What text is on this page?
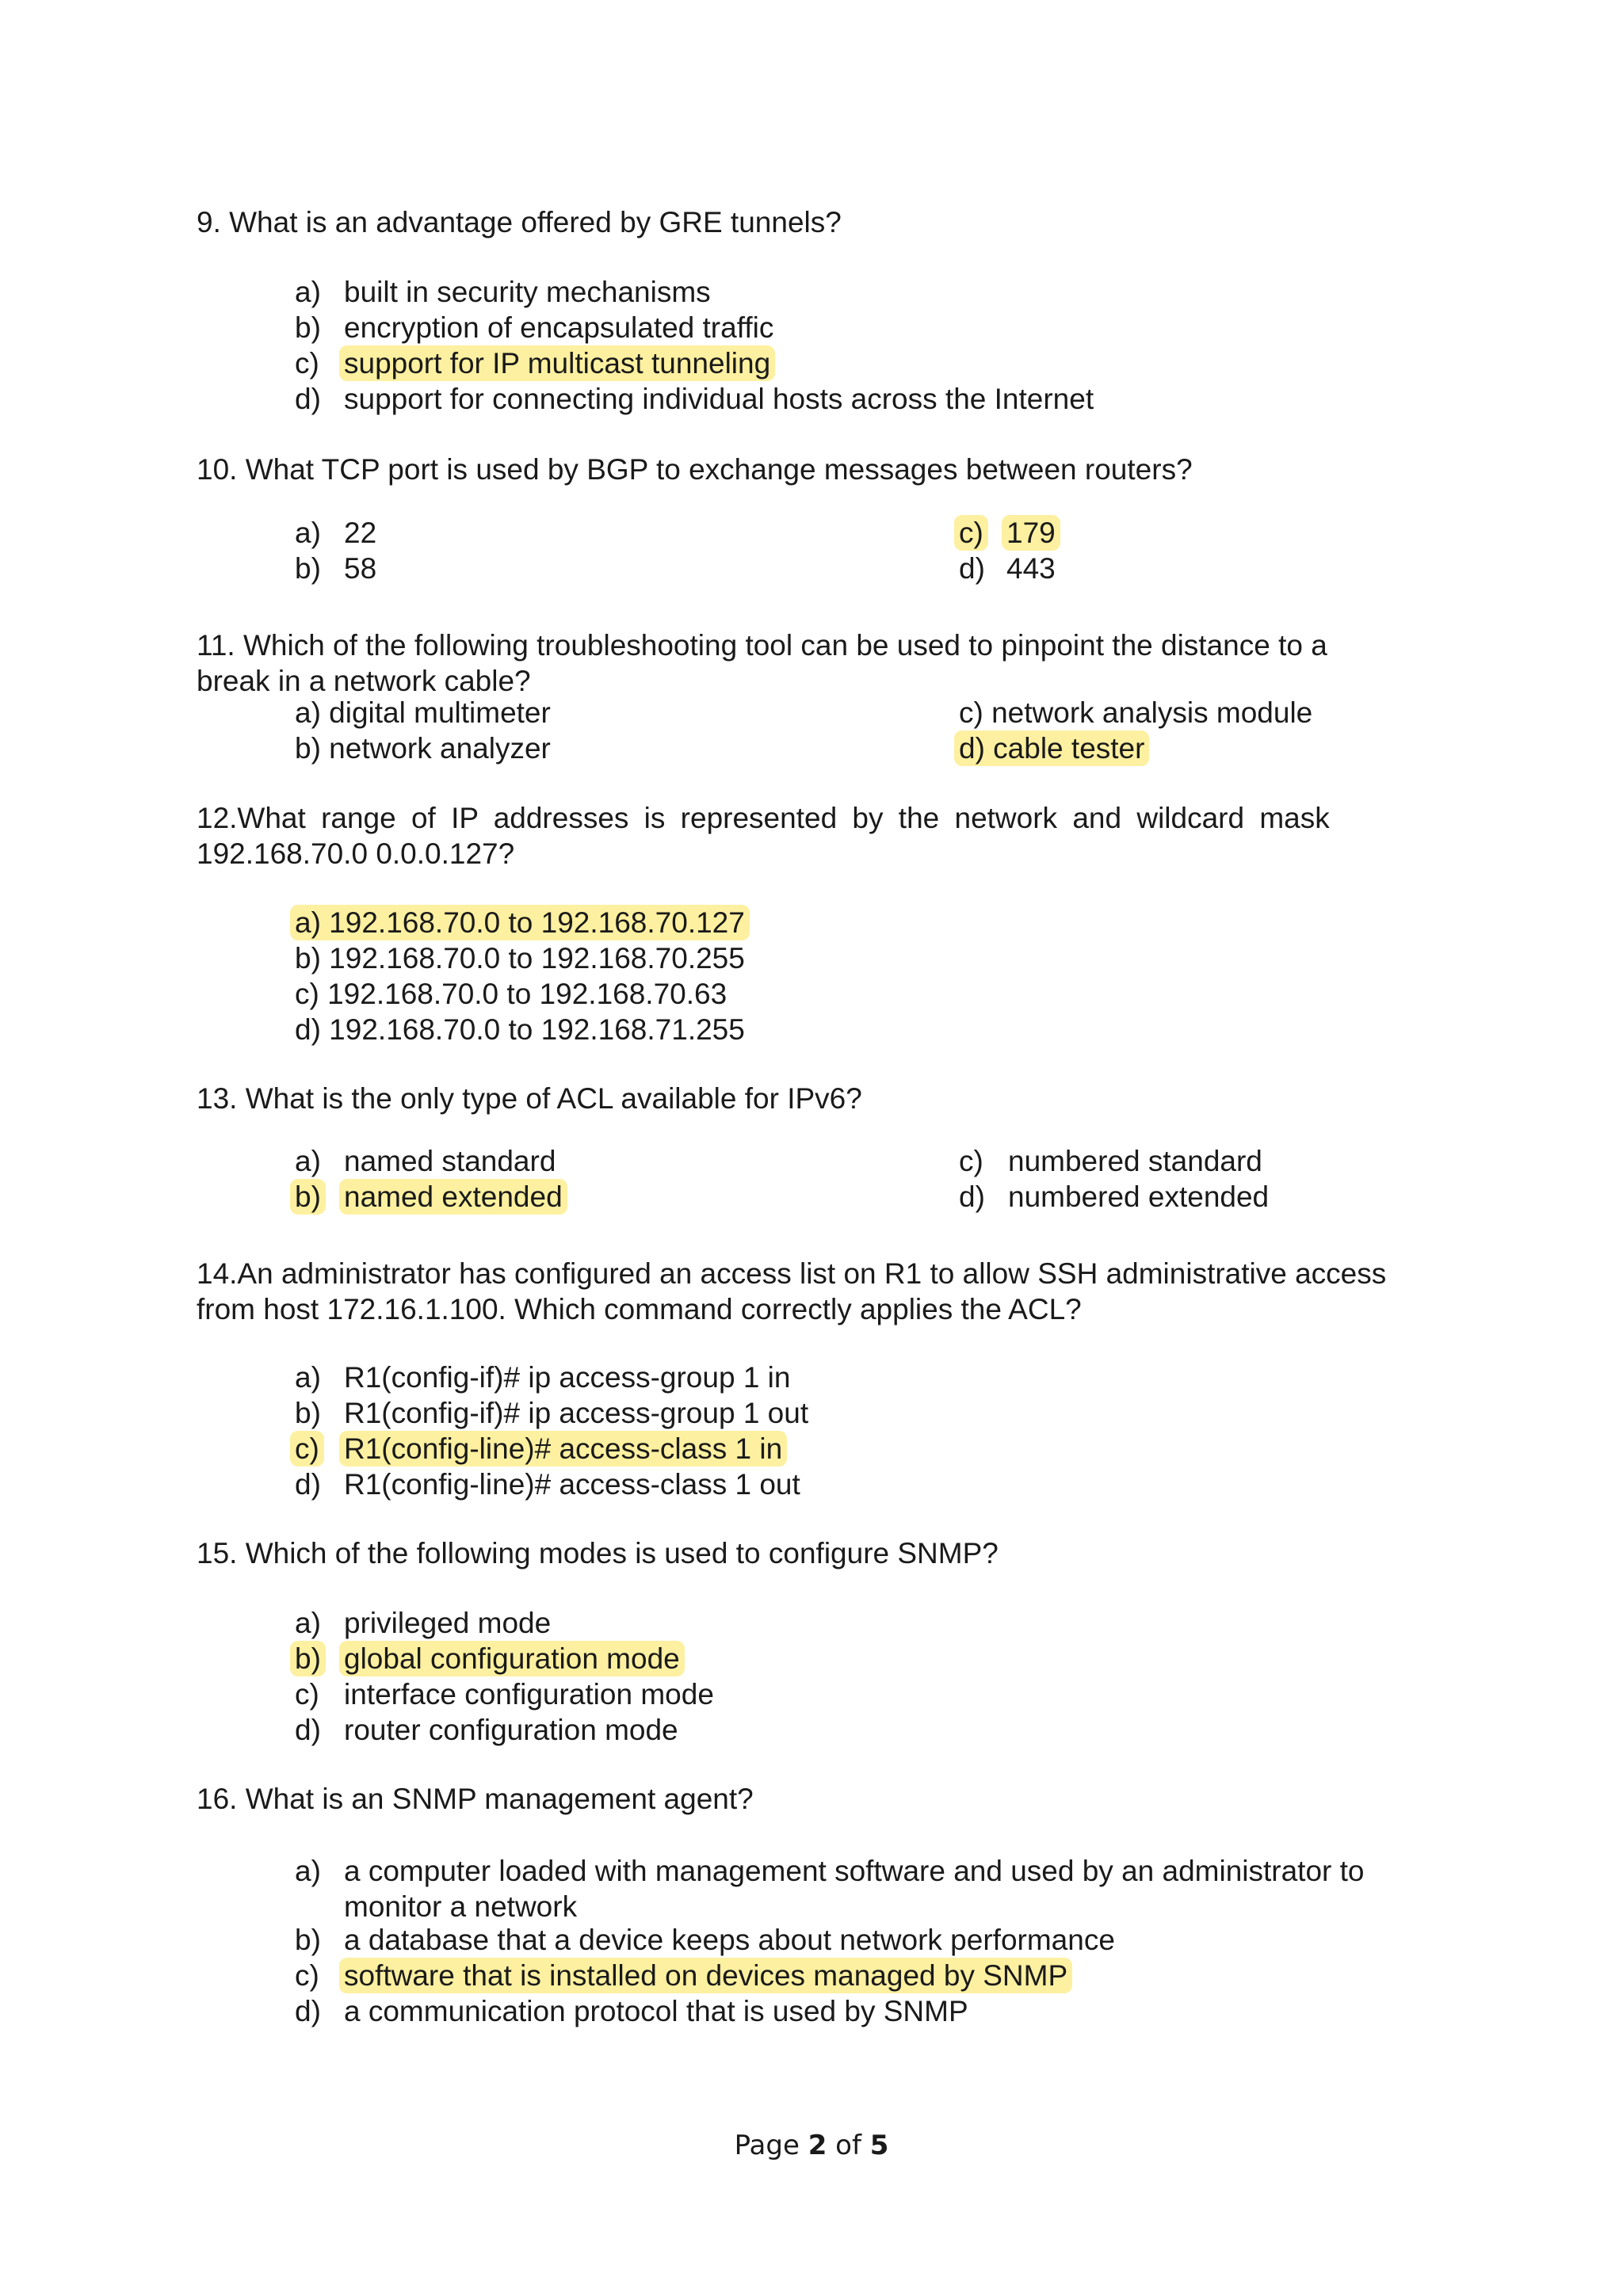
9. What is an advantage offered by GRE tunnels?
a) built in security mechanisms
b) encryption of encapsulated traffic
c) support for IP multicast tunneling
d) support for connecting individual hosts across the Internet
10. What TCP port is used by BGP to exchange messages between routers?
a) 22
b) 58
c) 179
d) 443
11. Which of the following troubleshooting tool can be used to pinpoint the distance to a
break in a network cable?
a) digital multimeter
b) network analyzer
c) network analysis module
d) cable tester
12.What range of IP addresses is represented by the network and wildcard mask
192.168.70.0 0.0.0.127?
a) 192.168.70.0 to 192.168.70.127
b) 192.168.70.0 to 192.168.70.255
c) 192.168.70.0 to 192.168.70.63
d) 192.168.70.0 to 192.168.71.255
13. What is the only type of ACL available for IPv6?
a) named standard
b) named extended
c) numbered standard
d) numbered extended
14.An administrator has configured an access list on R1 to allow SSH administrative access
from host 172.16.1.100. Which command correctly applies the ACL?
a) R1(config-if)# ip access-group 1 in
b) R1(config-if)# ip access-group 1 out
c) R1(config-line)# access-class 1 in
d) R1(config-line)# access-class 1 out
15. Which of the following modes is used to configure SNMP?
a) privileged mode
b) global configuration mode
c) interface configuration mode
d) router configuration mode
16. What is an SNMP management agent?
a) a computer loaded with management software and used by an administrator to
monitor a network
b) a database that a device keeps about network performance
c) software that is installed on devices managed by SNMP
d) a communication protocol that is used by SNMP
Page 2 of 5
